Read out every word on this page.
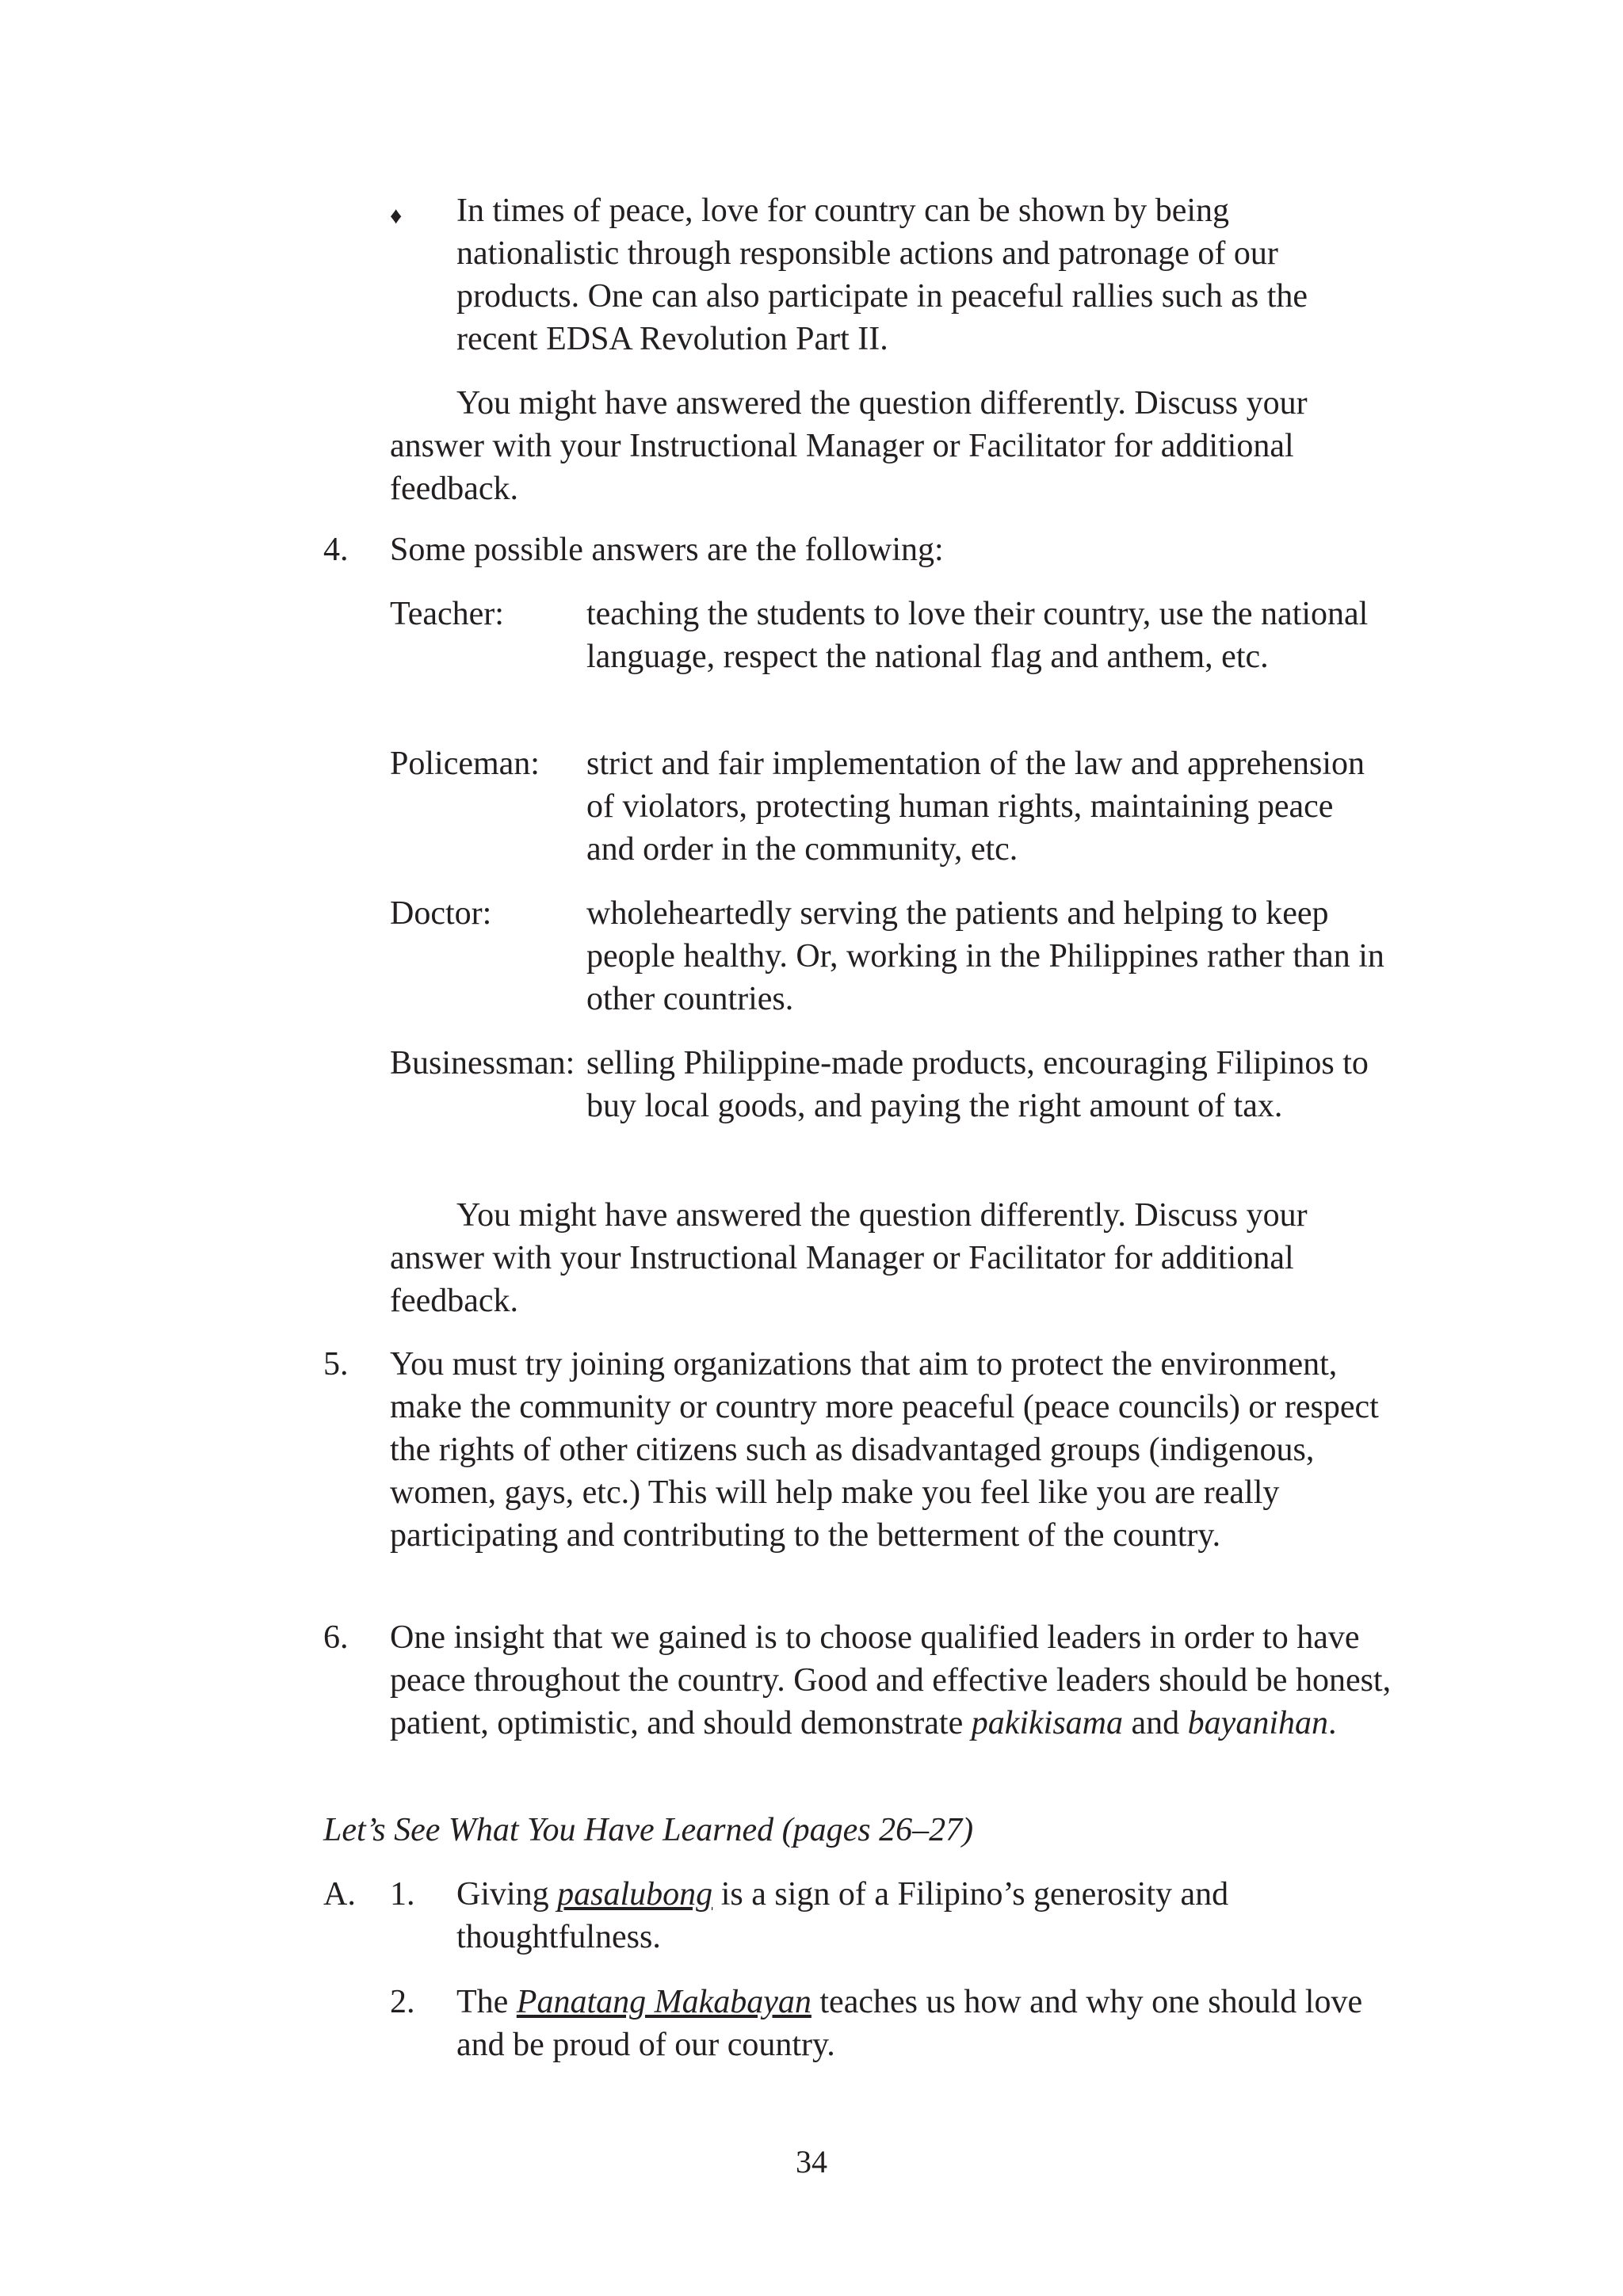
♦ In times of peace, love for country can be shown by being nationalistic through responsible actions and patronage of our products. One can also participate in peaceful rallies such as the recent EDSA Revolution Part II.

You might have answered the question differently. Discuss your answer with your Instructional Manager or Facilitator for additional feedback.

4.	Some possible answers are the following:

Teacher:	teaching the students to love their country, use the national language, respect the national flag and anthem, etc.

Policeman:	strict and fair implementation of the law and apprehension of violators, protecting human rights, maintaining peace and order in the community, etc.

Doctor:	wholeheartedly serving the patients and helping to keep people healthy. Or, working in the Philippines rather than in other countries.

Businessman: selling Philippine-made products, encouraging Filipinos to buy local goods, and paying the right amount of tax.

You might have answered the question differently. Discuss your answer with your Instructional Manager or Facilitator for additional feedback.

5.	You must try joining organizations that aim to protect the environment, make the community or country more peaceful (peace councils) or respect the rights of other citizens such as disadvantaged groups (indigenous, women, gays, etc.) This will help make you feel like you are really participating and contributing to the betterment of the country.

6.	One insight that we gained is to choose qualified leaders in order to have peace throughout the country. Good and effective leaders should be honest, patient, optimistic, and should demonstrate pakikisama and bayanihan.

Let’s See What You Have Learned (pages 26–27)

A. 1. Giving pasalubong is a sign of a Filipino’s generosity and thoughtfulness.

2. The Panatang Makabayan teaches us how and why one should love and be proud of our country.

34
